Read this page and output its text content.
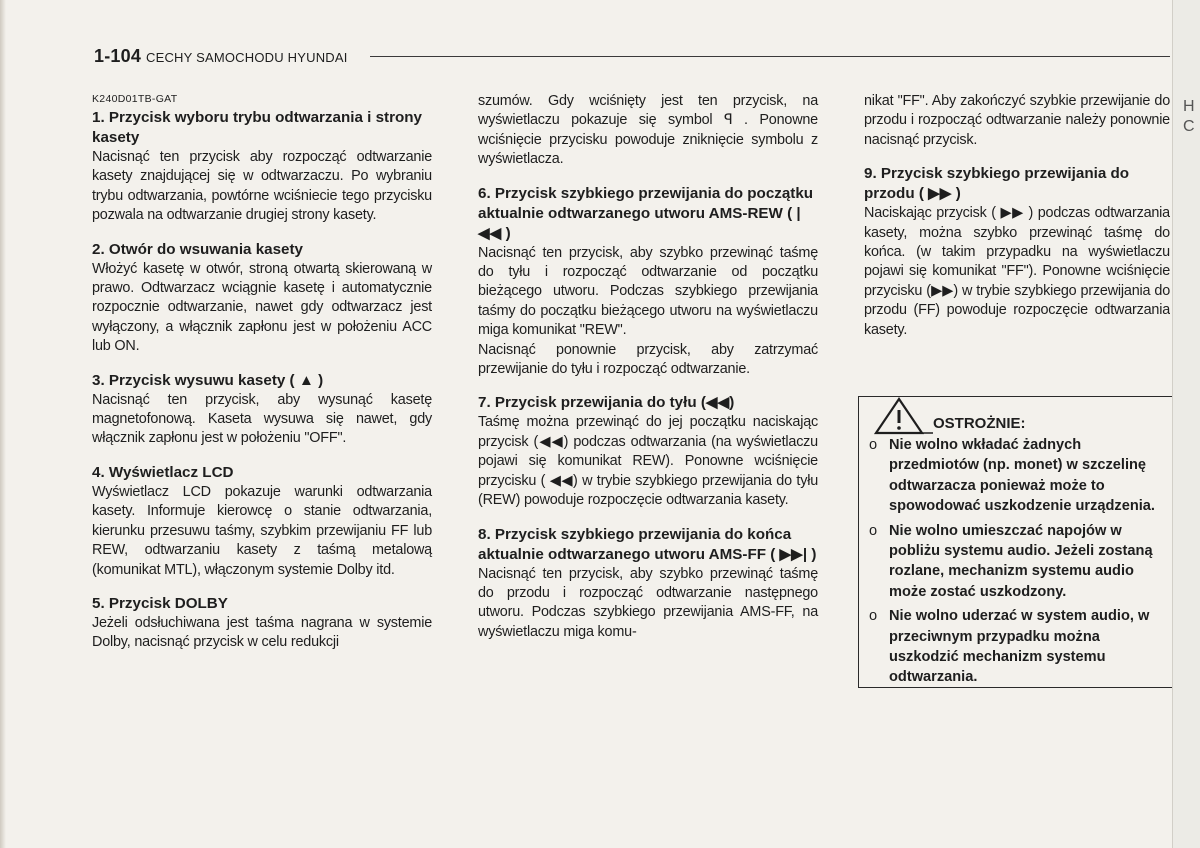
1-104 CECHY SAMOCHODU HYUNDAI

K240D01TB-GAT

1. Przycisk wyboru trybu odtwarzania i strony kasety

Nacisnąć ten przycisk aby rozpocząć odtwarzanie kasety znajdującej się w odtwarzaczu. Po wybraniu trybu odtwarzania, powtórne wciśniecie tego przycisku pozwala na odtwarzanie drugiej strony kasety.

2. Otwór do wsuwania kasety

Włożyć kasetę w otwór, stroną otwartą skierowaną w prawo. Odtwarzacz wciągnie kasetę i automatycznie rozpocznie odtwarzanie, nawet gdy odtwarzacz jest wyłączony, a włącznik zapłonu jest w położeniu ACC lub ON.

3. Przycisk wysuwu kasety ( ▲ )

Nacisnąć ten przycisk, aby wysunąć kasetę magnetofonową. Kaseta wysuwa się nawet, gdy włącznik zapłonu jest w położeniu "OFF".

4. Wyświetlacz LCD

Wyświetlacz LCD pokazuje warunki odtwarzania kasety. Informuje kierowcę o stanie odtwarzania, kierunku przesuwu taśmy, szybkim przewijaniu FF lub REW, odtwarzaniu kasety z taśmą metalową (komunikat MTL), włączonym systemie Dolby itd.

5. Przycisk DOLBY

Jeżeli odsłuchiwana jest taśma nagrana w systemie Dolby, nacisnąć przycisk w celu redukcji

szumów. Gdy wciśnięty jest ten przycisk, na wyświetlaczu pokazuje się symbol ꟼ . Ponowne wciśnięcie przycisku powoduje zniknięcie symbolu z wyświetlacza.

6. Przycisk szybkiego przewijania do początku aktualnie odtwarzanego utworu AMS-REW ( |◀◀ )

Nacisnąć ten przycisk, aby szybko przewinąć taśmę do tyłu i rozpocząć odtwarzanie od początku bieżącego utworu. Podczas szybkiego przewijania taśmy do początku bieżącego utworu na wyświetlaczu miga komunikat "REW".

Nacisnąć ponownie przycisk, aby zatrzymać przewijanie do tyłu i rozpocząć odtwarzanie.

7. Przycisk przewijania do tyłu (◀◀)

Taśmę można przewinąć do jej początku naciskając przycisk (◀◀) podczas odtwarzania (na wyświetlaczu pojawi się komunikat REW). Ponowne wciśnięcie przycisku ( ◀◀) w trybie szybkiego przewijania do tyłu (REW) powoduje rozpoczęcie odtwarzania kasety.

8. Przycisk szybkiego przewijania do końca aktualnie odtwarzanego utworu AMS-FF ( ▶▶| )

Nacisnąć ten przycisk, aby szybko przewinąć taśmę do przodu i rozpocząć odtwarzanie następnego utworu. Podczas szybkiego przewijania AMS-FF, na wyświetlaczu miga komu-

nikat "FF". Aby zakończyć szybkie przewijanie do przodu i rozpocząć odtwarzanie należy ponownie nacisnąć przycisk.

9. Przycisk szybkiego przewijania do przodu ( ▶▶ )

Naciskając przycisk ( ▶▶ ) podczas odtwarzania kasety, można szybko przewinąć taśmę do końca. (w takim przypadku na wyświetlaczu pojawi się komunikat "FF"). Ponowne wciśnięcie przycisku (▶▶) w trybie szybkiego przewijania do przodu (FF) powoduje rozpoczęcie odtwarzania kasety.

OSTROŻNIE:
o Nie wolno wkładać żadnych przedmiotów (np. monet) w szczelinę odtwarzacza ponieważ może to spowodować uszkodzenie urządzenia.
o Nie wolno umieszczać napojów w pobliżu systemu audio. Jeżeli zostaną rozlane, mechanizm systemu audio może zostać uszkodzony.
o Nie wolno uderzać w system audio, w przeciwnym przypadku można uszkodzić mechanizm systemu odtwarzania.
H
C
